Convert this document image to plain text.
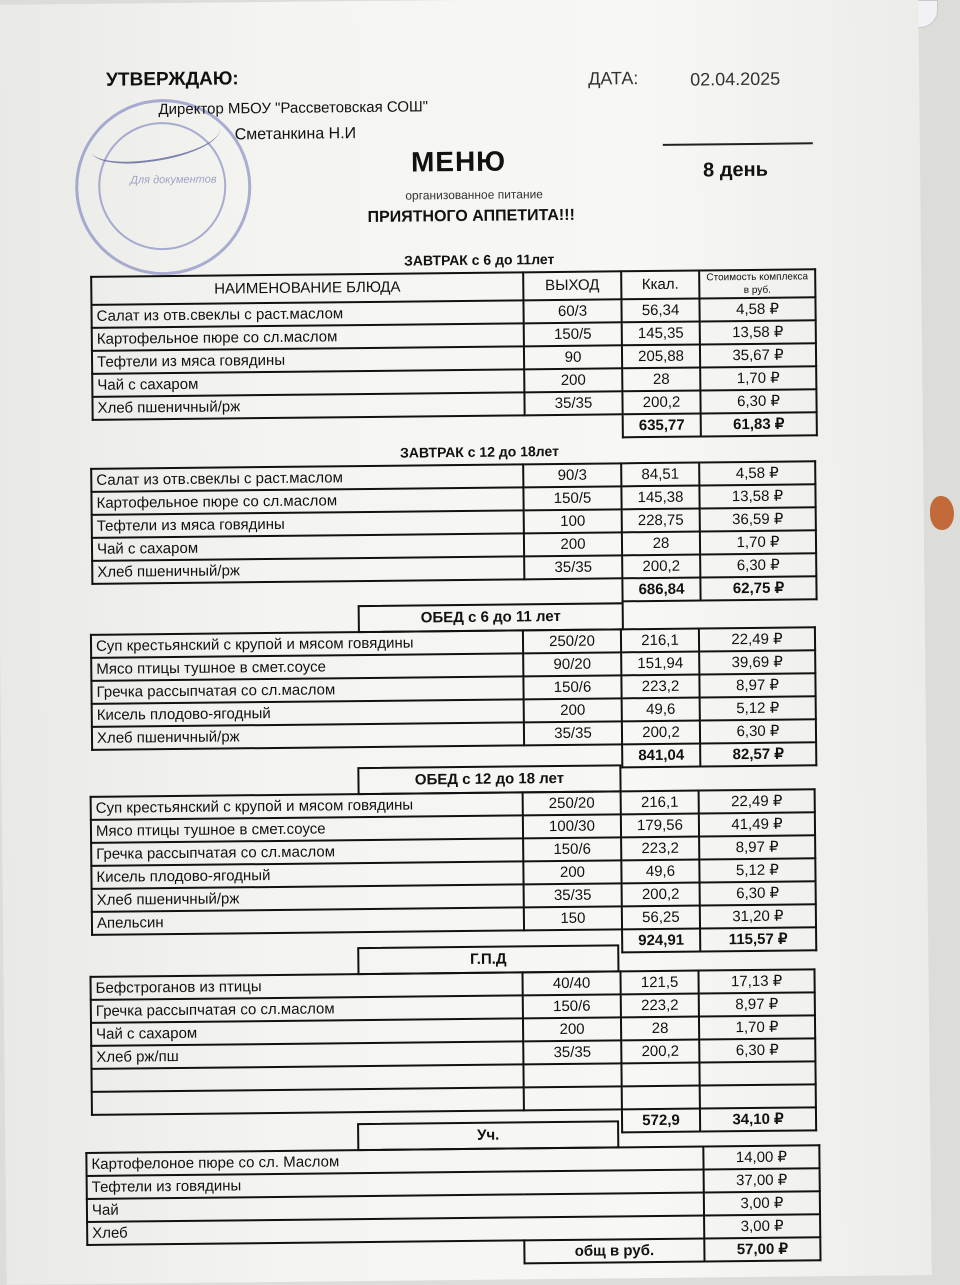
Для документов
УТВЕРЖДАЮ:
Директор МБОУ "Рассветовская СОШ"
Сметанкина Н.И
ДАТА:	02.04.2025
8 день
МЕНЮ
организованное питание
ПРИЯТНОГО АППЕТИТА!!!
ЗАВТРАК с 6 до 11лет
НАИМЕНОВАНИЕ БЛЮДА	ВЫХОД	Ккал.	Стоимость комплекса в руб.
Салат из отв.свеклы с раст.маслом	60/3	56,34	4,58 ₽
Картофельное пюре со сл.маслом	150/5	145,35	13,58 ₽
Тефтели из мяса говядины	90	205,88	35,67 ₽
Чай с сахаром	200	28	1,70 ₽
Хлеб пшеничный/рж	35/35	200,2	6,30 ₽
		635,77	61,83 ₽
ЗАВТРАК с 12 до 18лет
Салат из отв.свеклы с раст.маслом	90/3	84,51	4,58 ₽
Картофельное пюре со сл.маслом	150/5	145,38	13,58 ₽
Тефтели из мяса говядины	100	228,75	36,59 ₽
Чай с сахаром	200	28	1,70 ₽
Хлеб пшеничный/рж	35/35	200,2	6,30 ₽
		686,84	62,75 ₽
ОБЕД с 6 до 11 лет
Суп крестьянский с крупой и мясом говядины	250/20	216,1	22,49 ₽
Мясо птицы тушное в смет.соусе	90/20	151,94	39,69 ₽
Гречка рассыпчатая со сл.маслом	150/6	223,2	8,97 ₽
Кисель плодово-ягодный	200	49,6	5,12 ₽
Хлеб пшеничный/рж	35/35	200,2	6,30 ₽
		841,04	82,57 ₽
ОБЕД с 12 до 18 лет
Суп крестьянский с крупой и мясом говядины	250/20	216,1	22,49 ₽
Мясо птицы тушное в смет.соусе	100/30	179,56	41,49 ₽
Гречка рассыпчатая со сл.маслом	150/6	223,2	8,97 ₽
Кисель плодово-ягодный	200	49,6	5,12 ₽
Хлеб пшеничный/рж	35/35	200,2	6,30 ₽
Апельсин	150	56,25	31,20 ₽
		924,91	115,57 ₽
Г.П.Д
Бефстроганов из птицы	40/40	121,5	17,13 ₽
Гречка рассыпчатая со сл.маслом	150/6	223,2	8,97 ₽
Чай с сахаром	200	28	1,70 ₽
Хлеб рж/пш	35/35	200,2	6,30 ₽

		572,9	34,10 ₽
Уч.
Картофелоное пюре со сл. Маслом		14,00 ₽
Тефтели из говядины		37,00 ₽
Чай		3,00 ₽
Хлеб		3,00 ₽
	общ в руб.	57,00 ₽
